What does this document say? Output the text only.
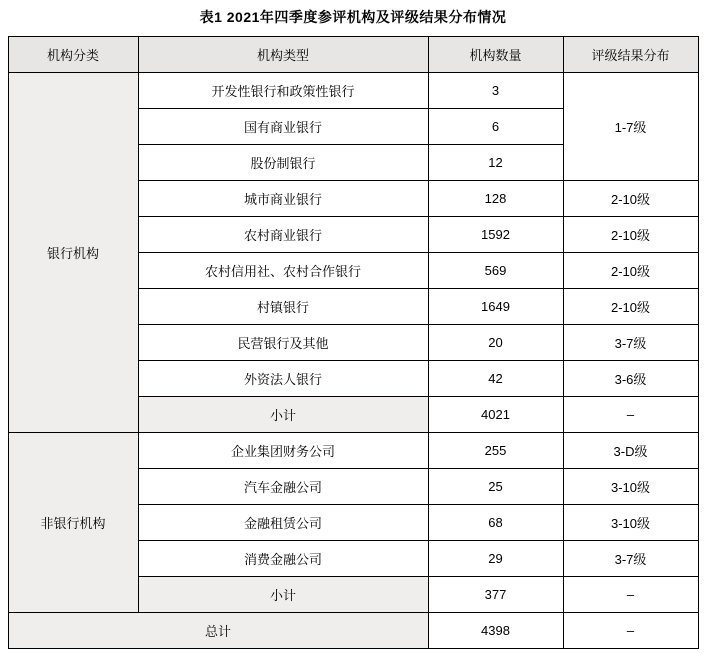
表1 2021年四季度参评机构及评级结果分布情况
机构分类	机构类型	机构数量	评级结果分布
银行机构	开发性银行和政策性银行	3	1-7级
	国有商业银行	6	
	股份制银行	12	
	城市商业银行	128	2-10级
	农村商业银行	1592	2-10级
	农村信用社、农村合作银行	569	2-10级
	村镇银行	1649	2-10级
	民营银行及其他	20	3-7级
	外资法人银行	42	3-6级
	小计	4021	–
非银行机构	企业集团财务公司	255	3-D级
	汽车金融公司	25	3-10级
	金融租赁公司	68	3-10级
	消费金融公司	29	3-7级
	小计	377	–
总计		4398	–
